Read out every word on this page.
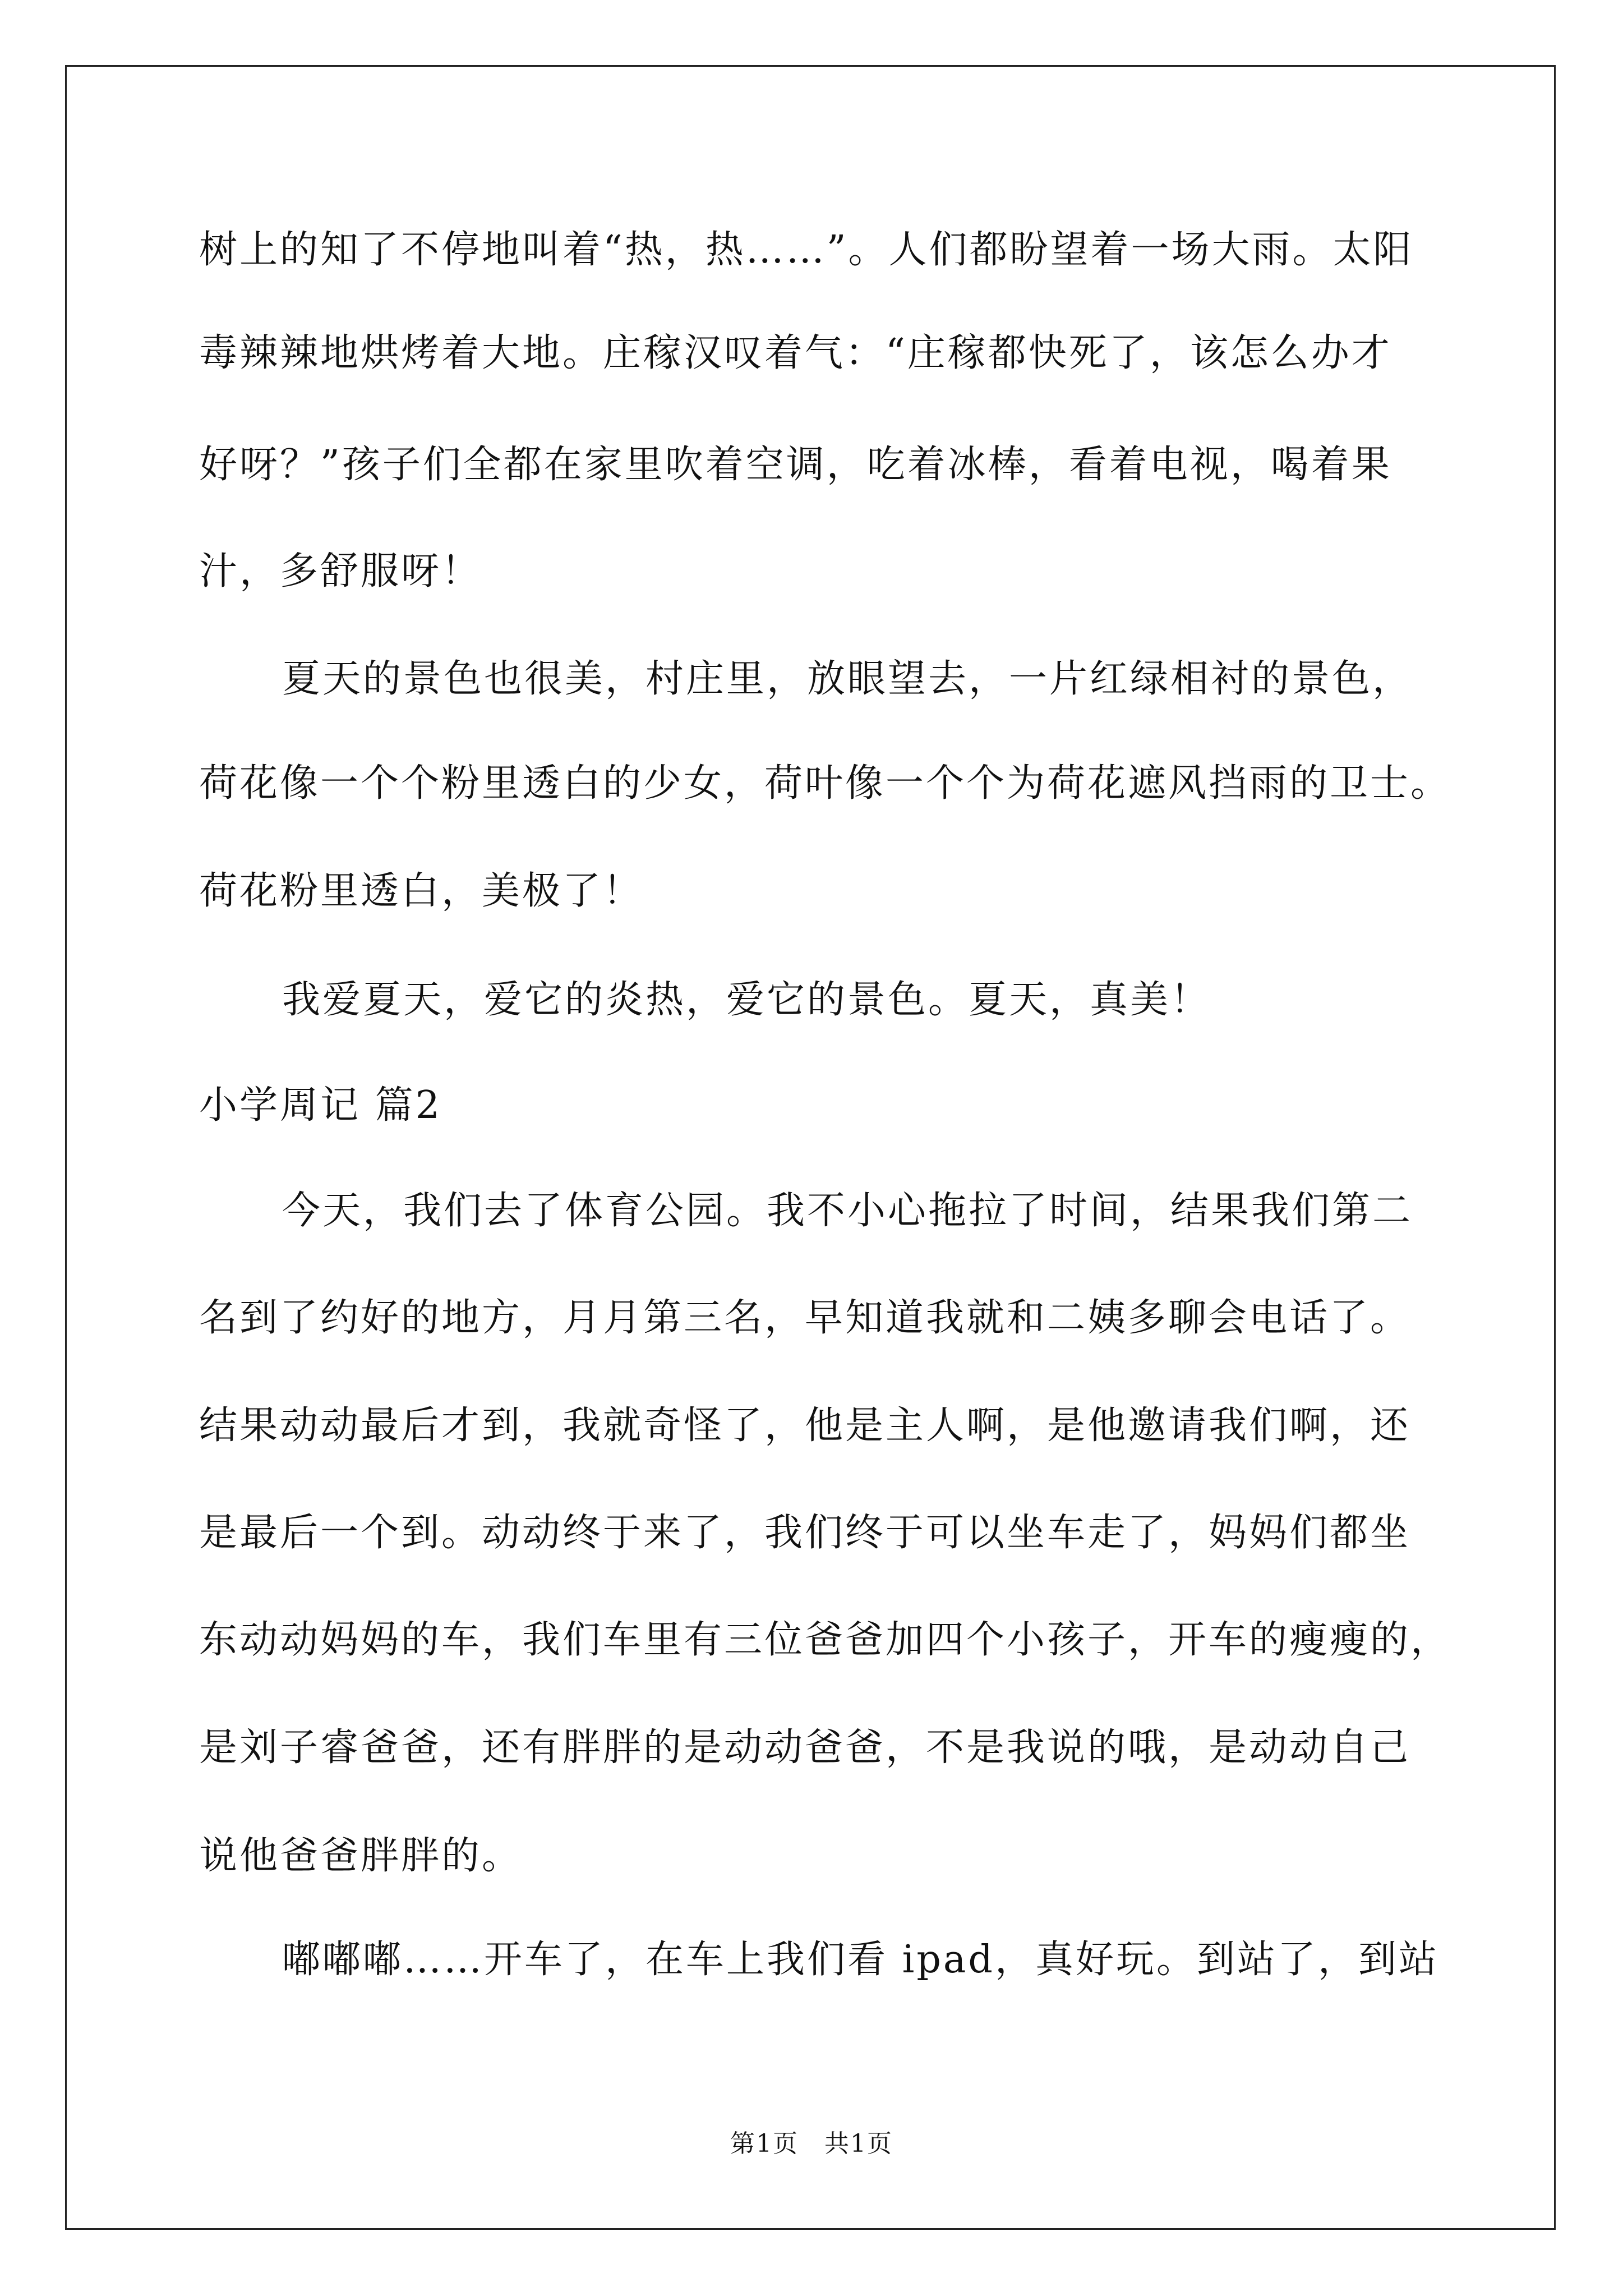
树上的知了不停地叫着“热，热……”。人们都盼望着一场大雨。太阳
毒辣辣地烘烤着大地。庄稼汉叹着气：“庄稼都快死了，该怎么办才
好呀？”孩子们全都在家里吹着空调，吃着冰棒，看着电视，喝着果
汁，多舒服呀！
夏天的景色也很美，村庄里，放眼望去，一片红绿相衬的景色，
荷花像一个个粉里透白的少女，荷叶像一个个为荷花遮风挡雨的卫士。
荷花粉里透白，美极了！
我爱夏天，爱它的炎热，爱它的景色。夏天，真美！
小学周记 篇2
今天，我们去了体育公园。我不小心拖拉了时间，结果我们第二
名到了约好的地方，月月第三名，早知道我就和二姨多聊会电话了。
结果动动最后才到，我就奇怪了，他是主人啊，是他邀请我们啊，还
是最后一个到。动动终于来了，我们终于可以坐车走了，妈妈们都坐
东动动妈妈的车，我们车里有三位爸爸加四个小孩子，开车的瘦瘦的，
是刘子睿爸爸，还有胖胖的是动动爸爸，不是我说的哦，是动动自己
说他爸爸胖胖的。
嘟嘟嘟……开车了，在车上我们看 ipad，真好玩。到站了，到站
第1页　共1页
